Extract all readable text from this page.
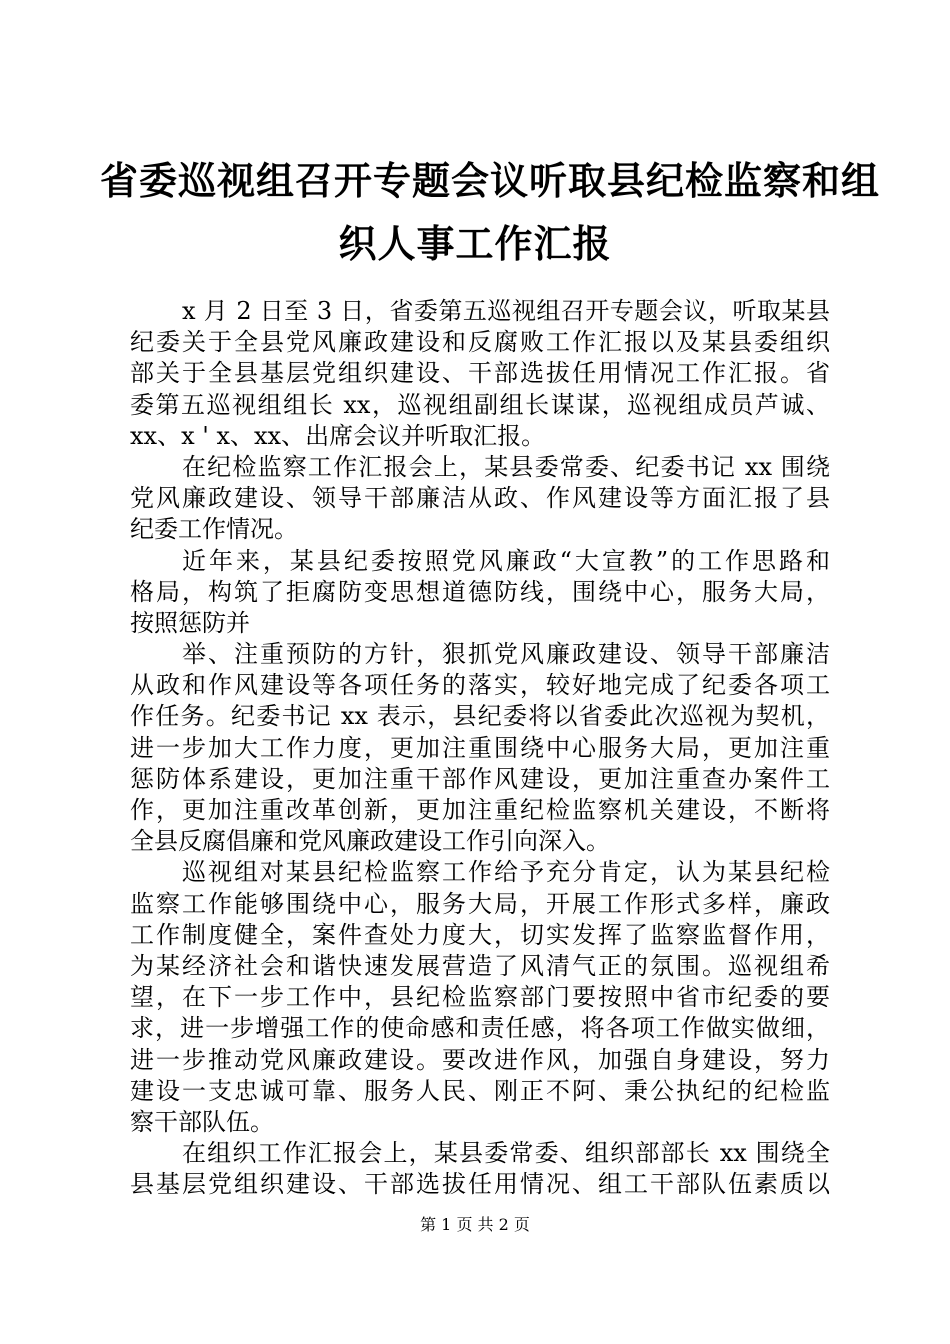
省委巡视组召开专题会议听取县纪检监察和组
织人事工作汇报
x 月 2 日至 3 日，省委第五巡视组召开专题会议，听取某县
纪委关于全县党风廉政建设和反腐败工作汇报以及某县委组织
部关于全县基层党组织建设、干部选拔任用情况工作汇报。省
委第五巡视组组长 xx，巡视组副组长谋谋，巡视组成员芦诚、
xx、x ' x、xx、出席会议并听取汇报。
在纪检监察工作汇报会上，某县委常委、纪委书记 xx 围绕
党风廉政建设、领导干部廉洁从政、作风建设等方面汇报了县
纪委工作情况。
近年来，某县纪委按照党风廉政“大宣教”的工作思路和
格局，构筑了拒腐防变思想道德防线，围绕中心，服务大局，
按照惩防并
举、注重预防的方针，狠抓党风廉政建设、领导干部廉洁
从政和作风建设等各项任务的落实，较好地完成了纪委各项工
作任务。纪委书记 xx 表示，县纪委将以省委此次巡视为契机，
进一步加大工作力度，更加注重围绕中心服务大局，更加注重
惩防体系建设，更加注重干部作风建设，更加注重查办案件工
作，更加注重改革创新，更加注重纪检监察机关建设，不断将
全县反腐倡廉和党风廉政建设工作引向深入。
巡视组对某县纪检监察工作给予充分肯定，认为某县纪检
监察工作能够围绕中心，服务大局，开展工作形式多样，廉政
工作制度健全，案件查处力度大，切实发挥了监察监督作用，
为某经济社会和谐快速发展营造了风清气正的氛围。巡视组希
望，在下一步工作中，县纪检监察部门要按照中省市纪委的要
求，进一步增强工作的使命感和责任感，将各项工作做实做细，
进一步推动党风廉政建设。要改进作风，加强自身建设，努力
建设一支忠诚可靠、服务人民、刚正不阿、秉公执纪的纪检监
察干部队伍。
在组织工作汇报会上，某县委常委、组织部部长 xx 围绕全
县基层党组织建设、干部选拔任用情况、组工干部队伍素质以
第 1 页 共 2 页
